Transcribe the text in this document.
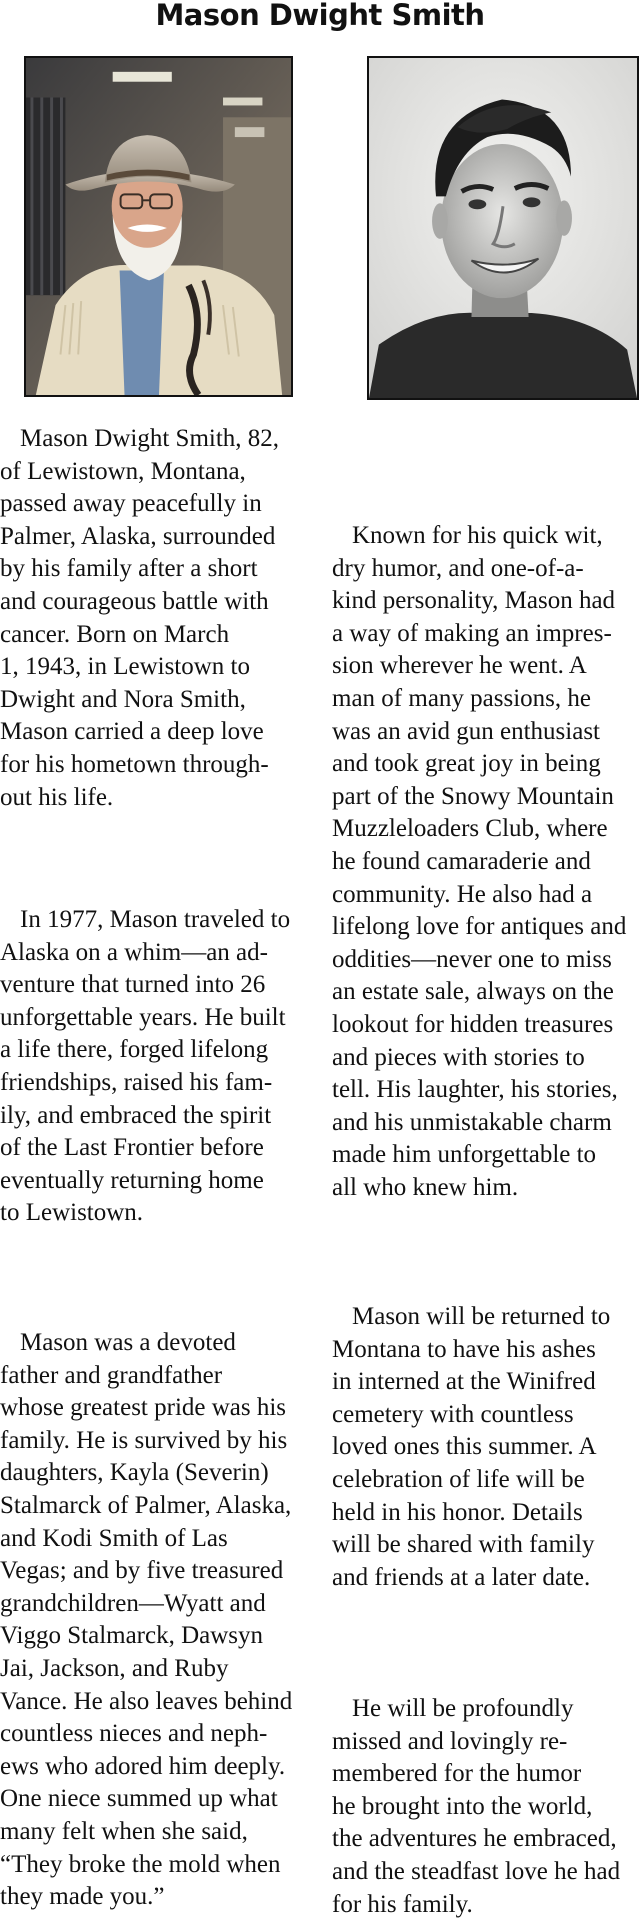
Mason Dwight Smith

Mason Dwight Smith, 82,
of Lewistown, Montana,
passed away peacefully in
Palmer, Alaska, surrounded
by his family after a short
and courageous battle with
cancer. Born on March
1, 1943, in Lewistown to
Dwight and Nora Smith,
Mason carried a deep love
for his hometown through-
out his life.

In 1977, Mason traveled to
Alaska on a whim—an ad-
venture that turned into 26
unforgettable years. He built
a life there, forged lifelong
friendships, raised his fam-
ily, and embraced the spirit
of the Last Frontier before
eventually returning home
to Lewistown.

Mason was a devoted
father and grandfather
whose greatest pride was his
family. He is survived by his
daughters, Kayla (Severin)
Stalmarck of Palmer, Alaska,
and Kodi Smith of Las
Vegas; and by five treasured
grandchildren—Wyatt and
Viggo Stalmarck, Dawsyn
Jai, Jackson, and Ruby
Vance. He also leaves behind
countless nieces and neph-
ews who adored him deeply.
One niece summed up what
many felt when she said,
“They broke the mold when
they made you.”

Known for his quick wit,
dry humor, and one-of-a-
kind personality, Mason had
a way of making an impres-
sion wherever he went. A
man of many passions, he
was an avid gun enthusiast
and took great joy in being
part of the Snowy Mountain
Muzzleloaders Club, where
he found camaraderie and
community. He also had a
lifelong love for antiques and
oddities—never one to miss
an estate sale, always on the
lookout for hidden treasures
and pieces with stories to
tell. His laughter, his stories,
and his unmistakable charm
made him unforgettable to
all who knew him.

Mason will be returned to
Montana to have his ashes
in interned at the Winifred
cemetery with countless
loved ones this summer. A
celebration of life will be
held in his honor. Details
will be shared with family
and friends at a later date.

He will be profoundly
missed and lovingly re-
membered for the humor
he brought into the world,
the adventures he embraced,
and the steadfast love he had
for his family.
